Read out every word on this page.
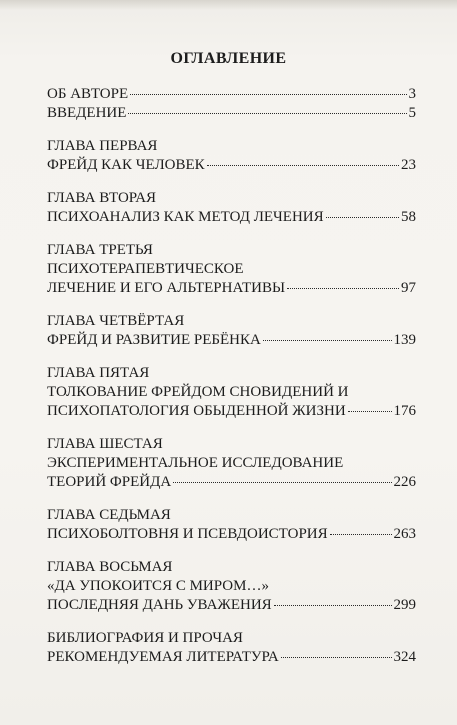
ОГЛАВЛЕНИЕ
ОБ АВТОРЕ	3
ВВЕДЕНИЕ	5
ГЛАВА ПЕРВАЯ
ФРЕЙД КАК ЧЕЛОВЕК	23
ГЛАВА ВТОРАЯ
ПСИХОАНАЛИЗ КАК МЕТОД ЛЕЧЕНИЯ	58
ГЛАВА ТРЕТЬЯ
ПСИХОТЕРАПЕВТИЧЕСКОЕ
ЛЕЧЕНИЕ И ЕГО АЛЬТЕРНАТИВЫ	97
ГЛАВА ЧЕТВЁРТАЯ
ФРЕЙД И РАЗВИТИЕ РЕБЁНКА	139
ГЛАВА ПЯТАЯ
ТОЛКОВАНИЕ ФРЕЙДОМ СНОВИДЕНИЙ И
ПСИХОПАТОЛОГИЯ ОБЫДЕННОЙ ЖИЗНИ	176
ГЛАВА ШЕСТАЯ
ЭКСПЕРИМЕНТАЛЬНОЕ ИССЛЕДОВАНИЕ
ТЕОРИЙ ФРЕЙДА	226
ГЛАВА СЕДЬМАЯ
ПСИХОБОЛТОВНЯ И ПСЕВДОИСТОРИЯ	263
ГЛАВА ВОСЬМАЯ
«ДА УПОКОИТСЯ С МИРОМ…»
ПОСЛЕДНЯЯ ДАНЬ УВАЖЕНИЯ	299
БИБЛИОГРАФИЯ И ПРОЧАЯ
РЕКОМЕНДУЕМАЯ ЛИТЕРАТУРА	324
